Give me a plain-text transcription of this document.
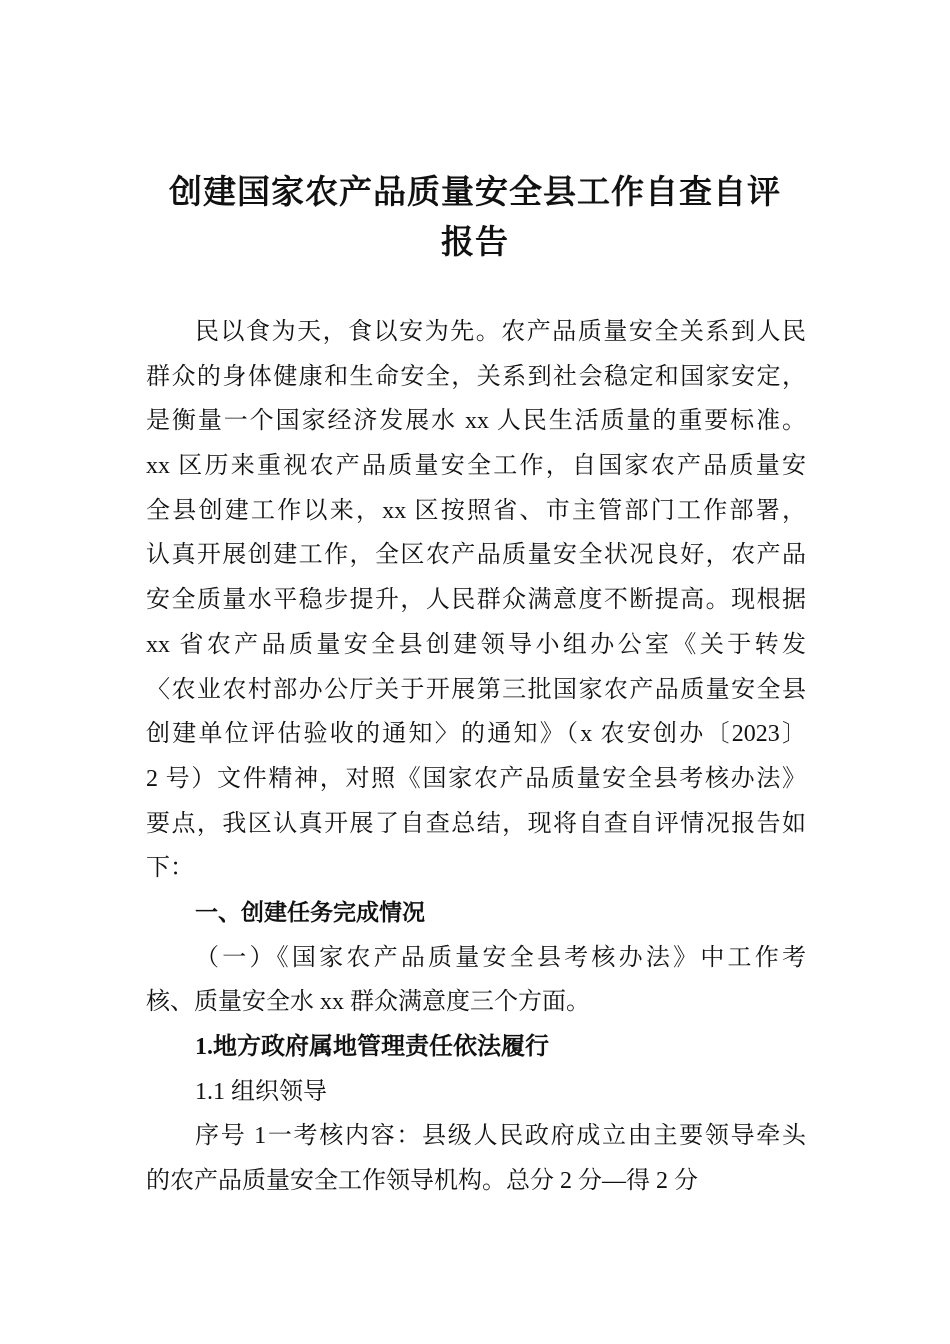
创建国家农产品质量安全县工作自查自评
报告
民以食为天，食以安为先。农产品质量安全关系到人民
群众的身体健康和生命安全，关系到社会稳定和国家安定，
是衡量一个国家经济发展水 xx 人民生活质量的重要标准。
xx 区历来重视农产品质量安全工作，自国家农产品质量安
全县创建工作以来，xx 区按照省、市主管部门工作部署，
认真开展创建工作，全区农产品质量安全状况良好，农产品
安全质量水平稳步提升，人民群众满意度不断提高。现根据
xx 省农产品质量安全县创建领导小组办公室《关于转发
〈农业农村部办公厅关于开展第三批国家农产品质量安全县
创建单位评估验收的通知〉的通知》（x 农安创办〔2023〕
2 号）文件精神，对照《国家农产品质量安全县考核办法》
要点，我区认真开展了自查总结，现将自查自评情况报告如
下：
一、创建任务完成情况
（一）《国家农产品质量安全县考核办法》中工作考
核、质量安全水 xx 群众满意度三个方面。
1.地方政府属地管理责任依法履行
1.1 组织领导
序号 1一考核内容：县级人民政府成立由主要领导牵头
的农产品质量安全工作领导机构。总分 2 分—得 2 分
